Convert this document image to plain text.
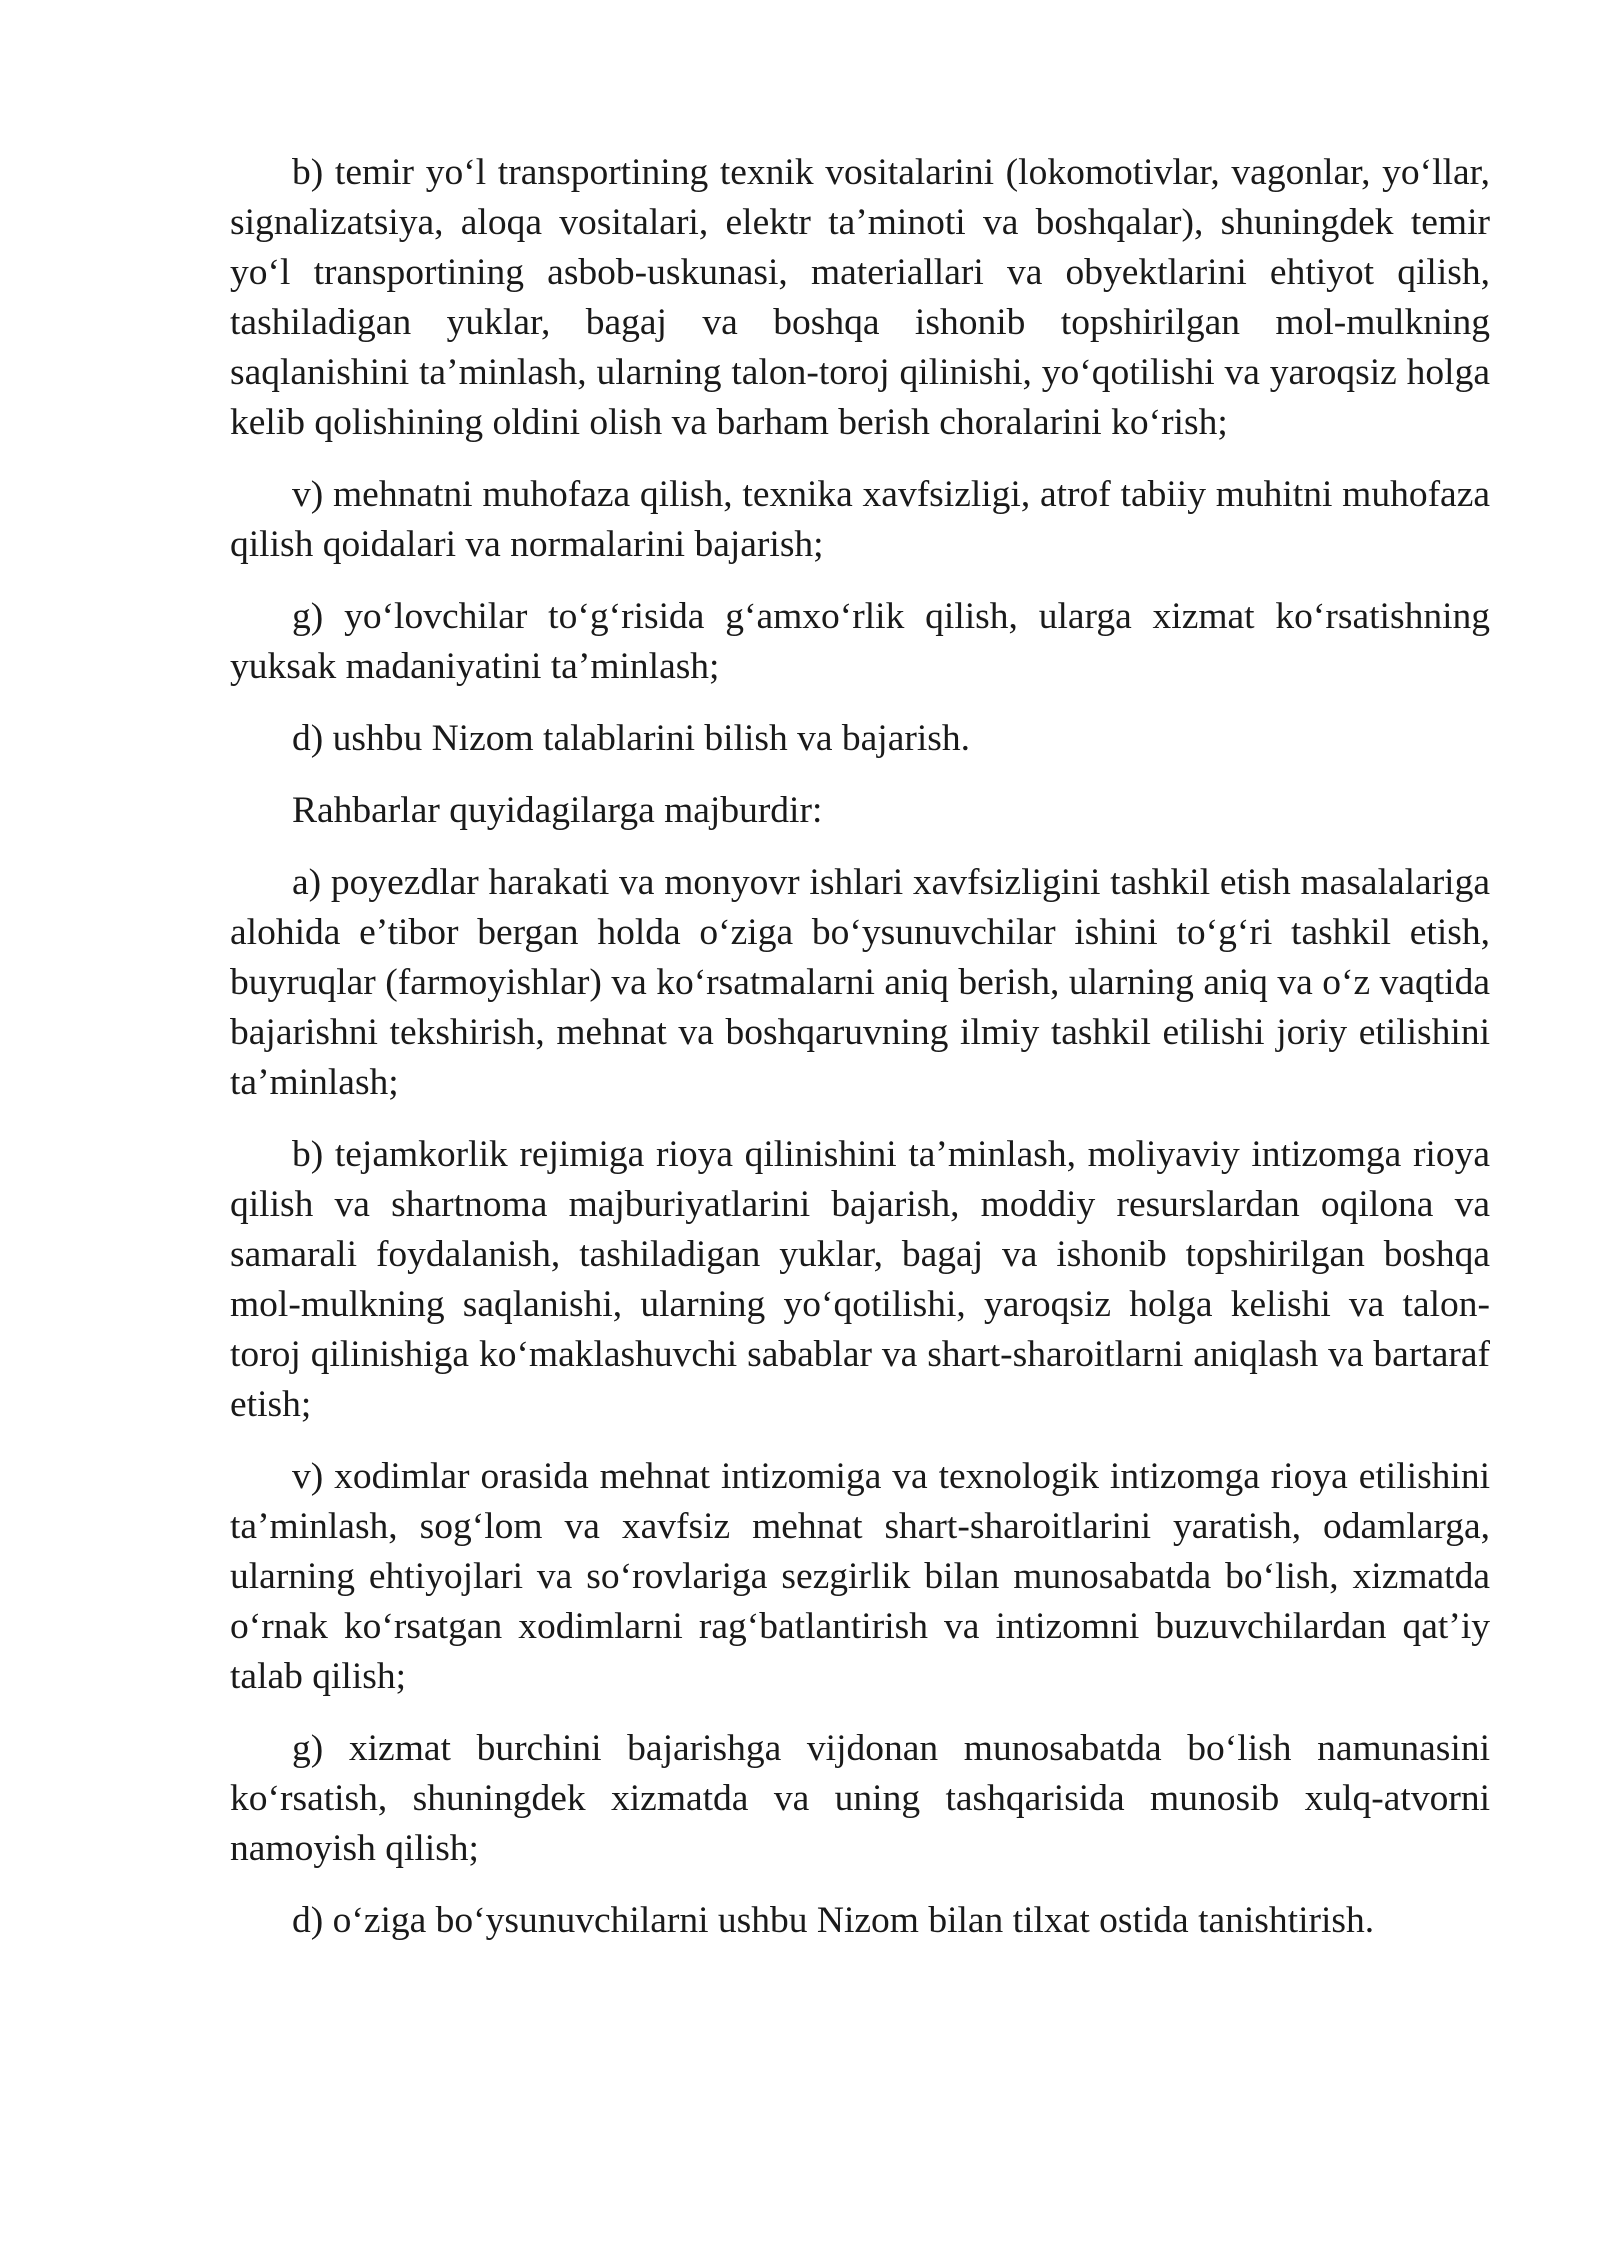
b) temir yo‘l transportining texnik vositalarini (lokomotivlar, vagonlar, yo‘llar, signalizatsiya, aloqa vositalari, elektr ta’minoti va boshqalar), shuningdek temir yo‘l transportining asbob-uskunasi, materiallari va obyektlarini ehtiyot qilish, tashiladigan yuklar, bagaj va boshqa ishonib topshirilgan mol-mulkning saqlanishini ta’minlash, ularning talon-toroj qilinishi, yo‘qotilishi va yaroqsiz holga kelib qolishining oldini olish va barham berish choralarini ko‘rish;

v) mehnatni muhofaza qilish, texnika xavfsizligi, atrof tabiiy muhitni muhofaza qilish qoidalari va normalarini bajarish;

g) yo‘lovchilar to‘g‘risida g‘amxo‘rlik qilish, ularga xizmat ko‘rsatishning yuksak madaniyatini ta’minlash;

d) ushbu Nizom talablarini bilish va bajarish.

Rahbarlar quyidagilarga majburdir:

a) poyezdlar harakati va monyovr ishlari xavfsizligini tashkil etish masalalariga alohida e’tibor bergan holda o‘ziga bo‘ysunuvchilar ishini to‘g‘ri tashkil etish, buyruqlar (farmoyishlar) va ko‘rsatmalarni aniq berish, ularning aniq va o‘z vaqtida bajarishni tekshirish, mehnat va boshqaruvning ilmiy tashkil etilishi joriy etilishini ta’minlash;

b) tejamkorlik rejimiga rioya qilinishini ta’minlash, moliyaviy intizomga rioya qilish va shartnoma majburiyatlarini bajarish, moddiy resurslardan oqilona va samarali foydalanish, tashiladigan yuklar, bagaj va ishonib topshirilgan boshqa mol-mulkning saqlanishi, ularning yo‘qotilishi, yaroqsiz holga kelishi va talon-toroj qilinishiga ko‘maklashuvchi sabablar va shart-sharoitlarni aniqlash va bartaraf etish;

v) xodimlar orasida mehnat intizomiga va texnologik intizomga rioya etilishini ta’minlash, sog‘lom va xavfsiz mehnat shart-sharoitlarini yaratish, odamlarga, ularning ehtiyojlari va so‘rovlariga sezgirlik bilan munosabatda bo‘lish, xizmatda o‘rnak ko‘rsatgan xodimlarni rag‘batlantirish va intizomni buzuvchilardan qat’iy talab qilish;

g) xizmat burchini bajarishga vijdonan munosabatda bo‘lish namunasini ko‘rsatish, shuningdek xizmatda va uning tashqarisida munosib xulq-atvorni namoyish qilish;

d) o‘ziga bo‘ysunuvchilarni ushbu Nizom bilan tilxat ostida tanishtirish.
